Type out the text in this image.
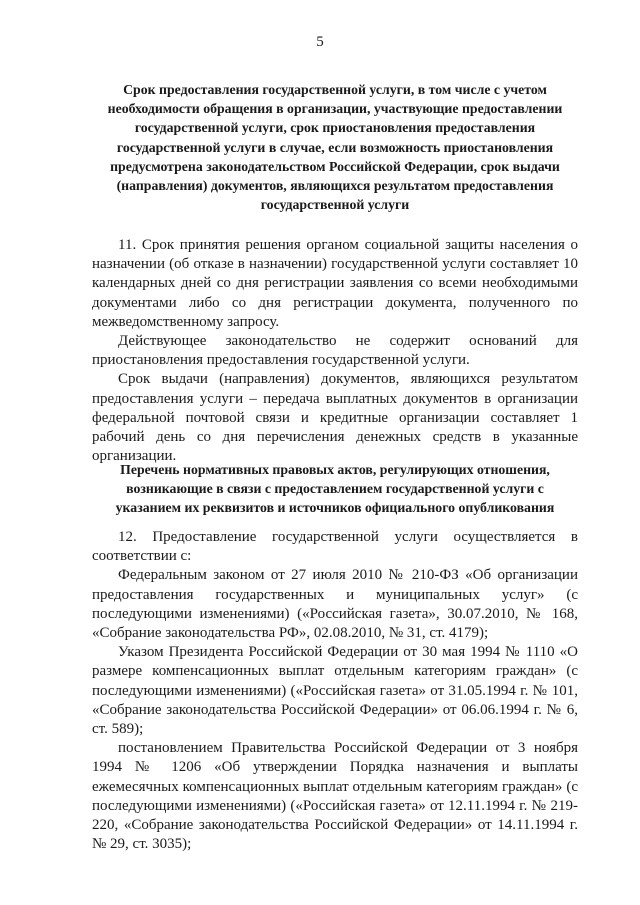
5
Срок предоставления государственной услуги, в том числе с учетом необходимости обращения в организации, участвующие предоставлении государственной услуги, срок приостановления предоставления государственной услуги в случае, если возможность приостановления предусмотрена законодательством Российской Федерации, срок выдачи (направления) документов, являющихся результатом предоставления государственной услуги

11. Срок принятия решения органом социальной защиты населения о назначении (об отказе в назначении) государственной услуги составляет 10 календарных дней со дня регистрации заявления со всеми необходимыми документами либо со дня регистрации документа, полученного по межведомственному запросу.

Действующее законодательство не содержит оснований для приостановления предоставления государственной услуги.

Срок выдачи (направления) документов, являющихся результатом предоставления услуги – передача выплатных документов в организации федеральной почтовой связи и кредитные организации составляет 1 рабочий день со дня перечисления денежных средств в указанные организации.

Перечень нормативных правовых актов, регулирующих отношения, возникающие в связи с предоставлением государственной услуги с указанием их реквизитов и источников официального опубликования

12. Предоставление государственной услуги осуществляется в соответствии с:

Федеральным законом от 27 июля 2010 № 210-ФЗ «Об организации предоставления государственных и муниципальных услуг» (с последующими изменениями) («Российская газета», 30.07.2010, № 168, «Собрание законодательства РФ», 02.08.2010, № 31, ст. 4179);

Указом Президента Российской Федерации от 30 мая 1994 № 1110 «О размере компенсационных выплат отдельным категориям граждан» (с последующими изменениями) («Российская газета» от 31.05.1994 г. № 101, «Собрание законодательства Российской Федерации» от 06.06.1994 г. № 6, ст. 589);

постановлением Правительства Российской Федерации от 3 ноября 1994 № 1206 «Об утверждении Порядка назначения и выплаты ежемесячных компенсационных выплат отдельным категориям граждан» (с последующими изменениями) («Российская газета» от 12.11.1994 г. № 219-220, «Собрание законодательства Российской Федерации» от 14.11.1994 г. № 29, ст. 3035);
